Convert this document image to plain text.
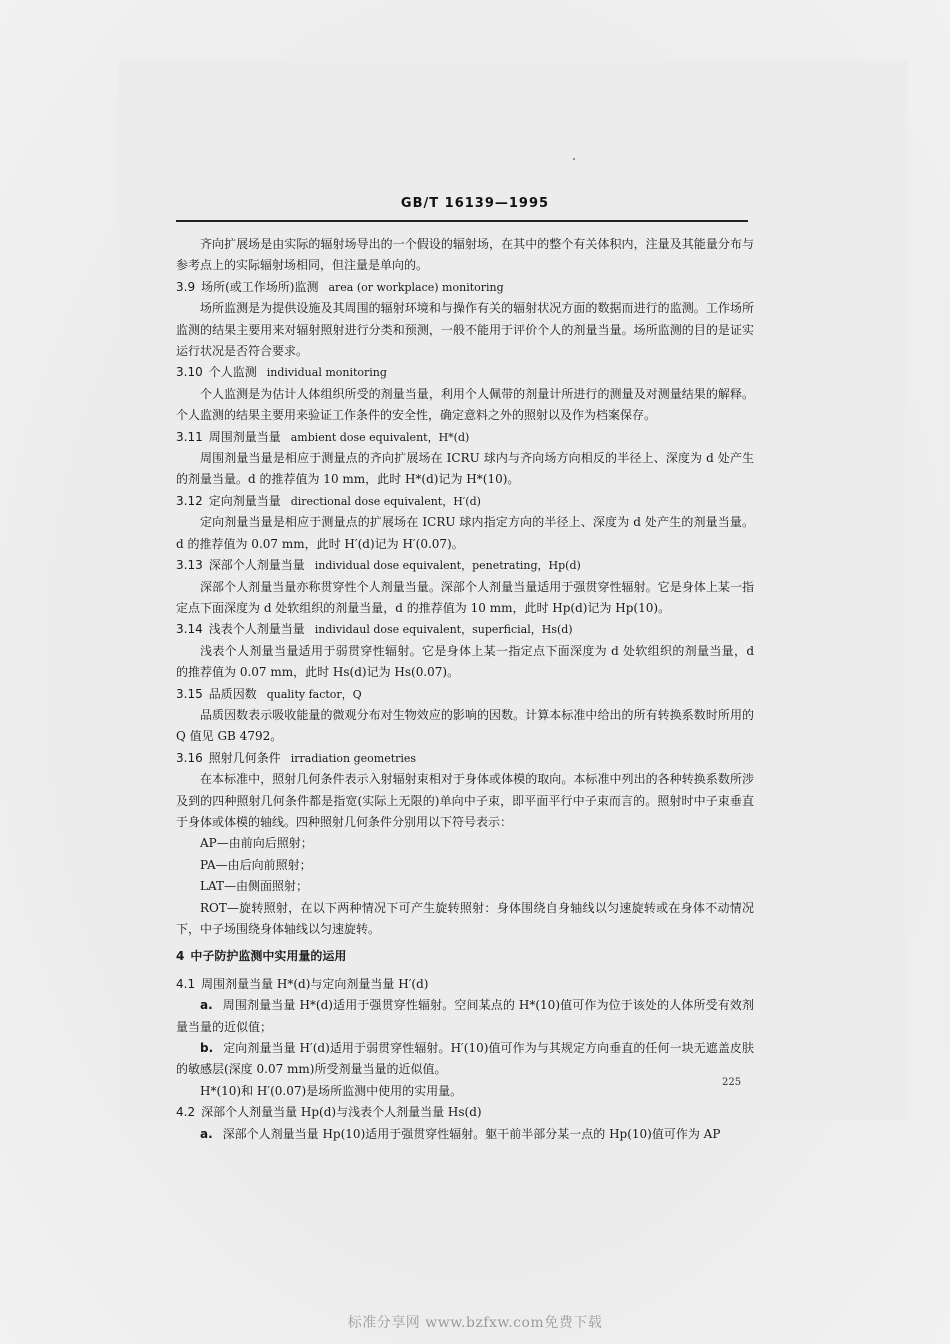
GB/T 16139—1995

齐向扩展场是由实际的辐射场导出的一个假设的辐射场，在其中的整个有关体积内，注量及其能量分布与参考点上的实际辐射场相同，但注量是单向的。

3.9 场所(或工作场所)监测 area (or workplace) monitoring

场所监测是为提供设施及其周围的辐射环境和与操作有关的辐射状况方面的数据而进行的监测。工作场所监测的结果主要用来对辐射照射进行分类和预测，一般不能用于评价个人的剂量当量。场所监测的目的是证实运行状况是否符合要求。

3.10 个人监测 individual monitoring

个人监测是为估计人体组织所受的剂量当量，利用个人佩带的剂量计所进行的测量及对测量结果的解释。个人监测的结果主要用来验证工作条件的安全性，确定意料之外的照射以及作为档案保存。

3.11 周围剂量当量 ambient dose equivalent，H*(d)

周围剂量当量是相应于测量点的齐向扩展场在 ICRU 球内与齐向场方向相反的半径上、深度为 d 处产生的剂量当量。d 的推荐值为 10 mm，此时 H*(d)记为 H*(10)。

3.12 定向剂量当量 directional dose equivalent，H′(d)

定向剂量当量是相应于测量点的扩展场在 ICRU 球内指定方向的半径上、深度为 d 处产生的剂量当量。d 的推荐值为 0.07 mm，此时 H′(d)记为 H′(0.07)。

3.13 深部个人剂量当量 individual dose equivalent，penetrating，Hp(d)

深部个人剂量当量亦称贯穿性个人剂量当量。深部个人剂量当量适用于强贯穿性辐射。它是身体上某一指定点下面深度为 d 处软组织的剂量当量，d 的推荐值为 10 mm，此时 Hp(d)记为 Hp(10)。

3.14 浅表个人剂量当量 individaul dose equivalent，superficial，Hs(d)

浅表个人剂量当量适用于弱贯穿性辐射。它是身体上某一指定点下面深度为 d 处软组织的剂量当量，d 的推荐值为 0.07 mm，此时 Hs(d)记为 Hs(0.07)。

3.15 品质因数 quality factor，Q

品质因数表示吸收能量的微观分布对生物效应的影响的因数。计算本标准中给出的所有转换系数时所用的 Q 值见 GB 4792。

3.16 照射几何条件 irradiation geometries

在本标准中，照射几何条件表示入射辐射束相对于身体或体模的取向。本标准中列出的各种转换系数所涉及到的四种照射几何条件都是指宽(实际上无限的)单向中子束，即平面平行中子束而言的。照射时中子束垂直于身体或体模的轴线。四种照射几何条件分别用以下符号表示：

AP—由前向后照射；

PA—由后向前照射；

LAT—由侧面照射；

ROT—旋转照射，在以下两种情况下可产生旋转照射：身体围绕自身轴线以匀速旋转或在身体不动情况下，中子场围绕身体轴线以匀速旋转。

4 中子防护监测中实用量的运用

4.1 周围剂量当量 H*(d)与定向剂量当量 H′(d)

a. 周围剂量当量 H*(d)适用于强贯穿性辐射。空间某点的 H*(10)值可作为位于该处的人体所受有效剂量当量的近似值；

b. 定向剂量当量 H′(d)适用于弱贯穿性辐射。H′(10)值可作为与其规定方向垂直的任何一块无遮盖皮肤的敏感层(深度 0.07 mm)所受剂量当量的近似值。

H*(10)和 H′(0.07)是场所监测中使用的实用量。

4.2 深部个人剂量当量 Hp(d)与浅表个人剂量当量 Hs(d)

a. 深部个人剂量当量 Hp(10)适用于强贯穿性辐射。躯干前半部分某一点的 Hp(10)值可作为 AP

225
标准分享网 www.bzfxw.com免费下载
